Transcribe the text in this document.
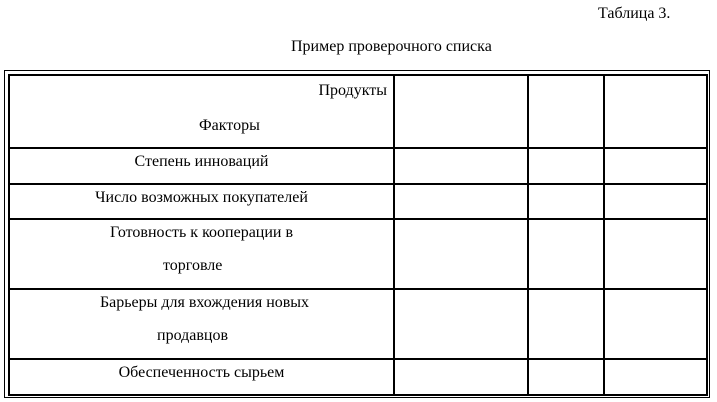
Таблица 3.
Пример проверочного списка
Продукты
Факторы			

Степень инноваций			

Число возможных покупателей			

Готовность к кооперации в
торговле			

Барьеры для вхождения новых
продавцов			

Обеспеченность сырьем			
